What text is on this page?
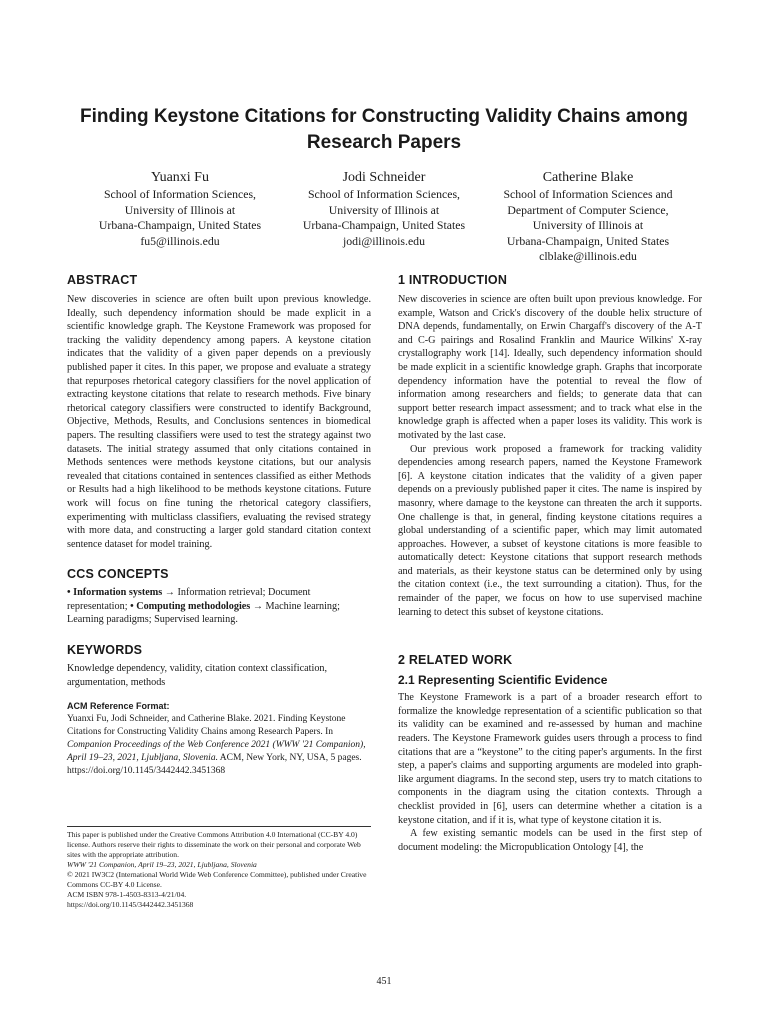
Finding Keystone Citations for Constructing Validity Chains among Research Papers
Yuanxi Fu
School of Information Sciences,
University of Illinois at
Urbana-Champaign, United States
fu5@illinois.edu
Jodi Schneider
School of Information Sciences,
University of Illinois at
Urbana-Champaign, United States
jodi@illinois.edu
Catherine Blake
School of Information Sciences and
Department of Computer Science,
University of Illinois at
Urbana-Champaign, United States
clblake@illinois.edu
ABSTRACT

New discoveries in science are often built upon previous knowledge. Ideally, such dependency information should be made explicit in a scientific knowledge graph. The Keystone Framework was proposed for tracking the validity dependency among papers. A keystone citation indicates that the validity of a given paper depends on a previously published paper it cites. In this paper, we propose and evaluate a strategy that repurposes rhetorical category classifiers for the novel application of extracting keystone citations that relate to research methods. Five binary rhetorical category classifiers were constructed to identify Background, Objective, Methods, Results, and Conclusions sentences in biomedical papers. The resulting classifiers were used to test the strategy against two datasets. The initial strategy assumed that only citations contained in Methods sentences were methods keystone citations, but our analysis revealed that citations contained in sentences classified as either Methods or Results had a high likelihood to be methods keystone citations. Future work will focus on fine tuning the rhetorical category classifiers, experimenting with multiclass classifiers, evaluating the revised strategy with more data, and constructing a larger gold standard citation context sentence dataset for model training.

CCS CONCEPTS

• Information systems → Information retrieval; Document representation; • Computing methodologies → Machine learning; Learning paradigms; Supervised learning.

KEYWORDS

Knowledge dependency, validity, citation context classification, argumentation, methods

ACM Reference Format:

Yuanxi Fu, Jodi Schneider, and Catherine Blake. 2021. Finding Keystone Citations for Constructing Validity Chains among Research Papers. In Companion Proceedings of the Web Conference 2021 (WWW '21 Companion), April 19–23, 2021, Ljubljana, Slovenia. ACM, New York, NY, USA, 5 pages. https://doi.org/10.1145/3442442.3451368

This paper is published under the Creative Commons Attribution 4.0 International (CC-BY 4.0) license. Authors reserve their rights to disseminate the work on their personal and corporate Web sites with the appropriate attribution.
WWW '21 Companion, April 19–23, 2021, Ljubljana, Slovenia
© 2021 IW3C2 (International World Wide Web Conference Committee), published under Creative Commons CC-BY 4.0 License.
ACM ISBN 978-1-4503-8313-4/21/04.
https://doi.org/10.1145/3442442.3451368
1 INTRODUCTION

New discoveries in science are often built upon previous knowledge. For example, Watson and Crick's discovery of the double helix structure of DNA depends, fundamentally, on Erwin Chargaff's discovery of the A-T and C-G pairings and Rosalind Franklin and Maurice Wilkins' X-ray crystallography work [14]. Ideally, such dependency information should be made explicit in a scientific knowledge graph. Graphs that incorporate dependency information have the potential to reveal the flow of information among researchers and fields; to generate data that can support better research impact assessment; and to track what else in the knowledge graph is affected when a paper loses its validity. This work is motivated by the last case.

Our previous work proposed a framework for tracking validity dependencies among research papers, named the Keystone Framework [6]. A keystone citation indicates that the validity of a given paper depends on a previously published paper it cites. The name is inspired by masonry, where damage to the keystone can threaten the arch it supports. One challenge is that, in general, finding keystone citations requires a global understanding of a scientific paper, which may limit automated approaches. However, a subset of keystone citations is more feasible to automatically detect: Keystone citations that support research methods and materials, as their keystone status can be determined only by using the citation context (i.e., the text surrounding a citation). Thus, for the remainder of the paper, we focus on how to use supervised machine learning to detect this subset of keystone citations.

2 RELATED WORK
2.1 Representing Scientific Evidence

The Keystone Framework is a part of a broader research effort to formalize the knowledge representation of a scientific publication so that its validity can be examined and re-assessed by human and machine readers. The Keystone Framework guides users through a process to find citations that are a “keystone” to the citing paper's arguments. In the first step, a paper's claims and supporting arguments are modeled into graph-like argument diagrams. In the second step, users try to match citations to components in the diagram using the citation contexts. Through a checklist provided in [6], users can determine whether a citation is a keystone citation, and if it is, what type of keystone citation it is.

A few existing semantic models can be used in the first step of document modeling: the Micropublication Ontology [4], the

451
